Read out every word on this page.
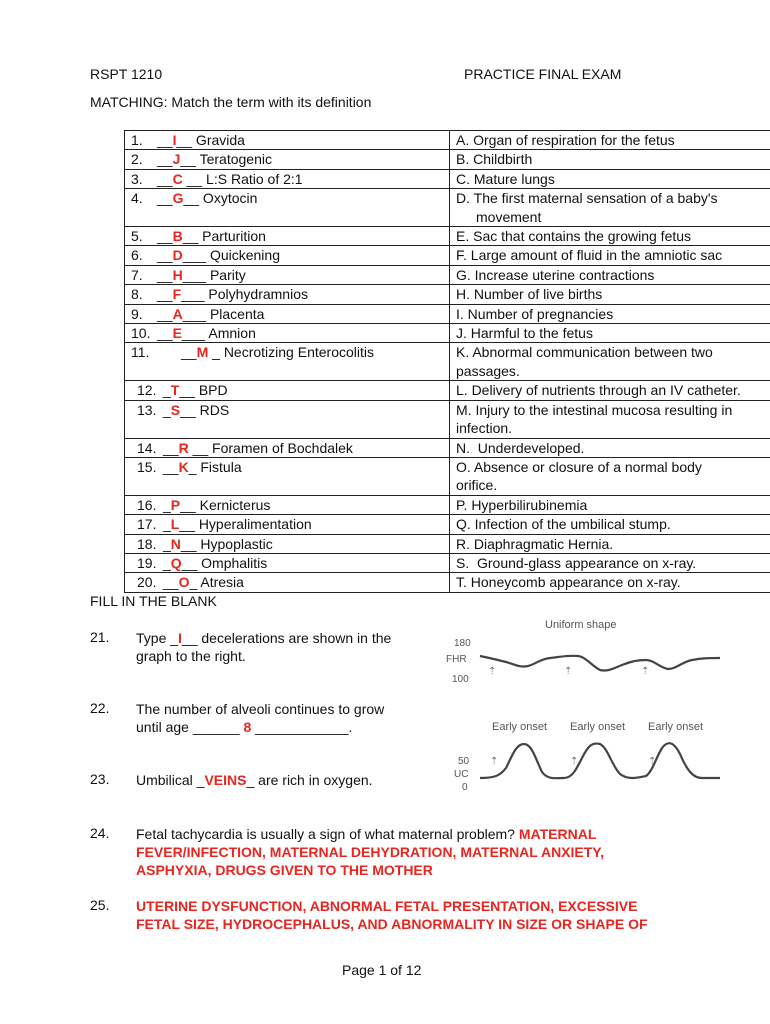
RSPT 1210	PRACTICE FINAL EXAM
MATCHING: Match the term with its definition
1. __I__ Gravida	A. Organ of respiration for the fetus

2. __J__ Teratogenic	B. Childbirth

3. __C __ L:S Ratio of 2:1	C. Mature lungs

4. __G__ Oxytocin	D. The first maternal sensation of a baby's
movement

5. __B__ Parturition	E. Sac that contains the growing fetus

6. __D___ Quickening	F. Large amount of fluid in the amniotic sac

7. __H___ Parity	G. Increase uterine contractions

8. __F___ Polyhydramnios	H. Number of live births

9. __A___ Placenta	I. Number of pregnancies

10. __E___ Amnion	J. Harmful to the fetus

11. __M _ Necrotizing Enterocolitis	K. Abnormal communication between two
passages.

12. _T__ BPD	L. Delivery of nutrients through an IV catheter.

13. _S__ RDS	M. Injury to the intestinal mucosa resulting in
infection.

14. __R __ Foramen of Bochdalek	N.  Underdeveloped.

15. __K_ Fistula	O. Absence or closure of a normal body
orifice.

16. _P__ Kernicterus	P. Hyperbilirubinemia

17. _L__ Hyperalimentation	Q. Infection of the umbilical stump.

18. _N__ Hypoplastic	R. Diaphragmatic Hernia.

19. _Q__ Omphalitis	S.  Ground-glass appearance on x-ray.

20. __O_ Atresia	T. Honeycomb appearance on x-ray.
FILL IN THE BLANK
21. Type _I__ decelerations are shown in the
graph to the right.
22. The number of alveoli continues to grow
until age ______ 8 ____________.
23. Umbilical _VEINS_ are rich in oxygen.
24. Fetal tachycardia is usually a sign of what maternal problem? MATERNAL
FEVER/INFECTION, MATERNAL DEHYDRATION, MATERNAL ANXIETY,
ASPHYXIA, DRUGS GIVEN TO THE MOTHER
25. UTERINE DYSFUNCTION, ABNORMAL FETAL PRESENTATION, EXCESSIVE
FETAL SIZE, HYDROCEPHALUS, AND ABNORMALITY IN SIZE OR SHAPE OF
Uniform shape
180
FHR
100
⇡	⇡	⇡
Early onset Early onset Early onset
50
UC
0
⇡	⇡	⇡
Page 1 of 12
